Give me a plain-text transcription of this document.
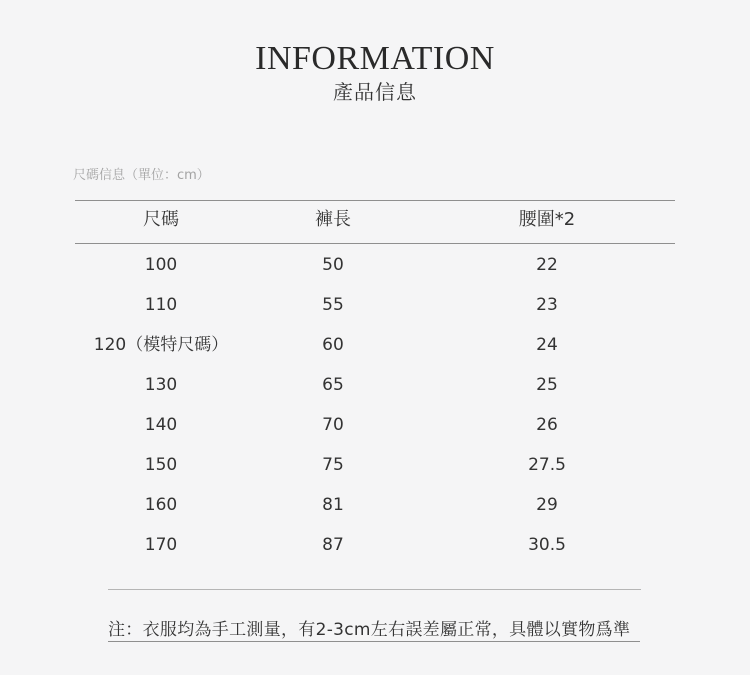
INFORMATION
產品信息
尺碼信息（單位：cm）
尺碼	褲長	腰圍*2
100	50	22
110	55	23
120（模特尺碼）	60	24
130	65	25
140	70	26
150	75	27.5
160	81	29
170	87	30.5
注：衣服均為手工測量，有2-3cm左右誤差屬正常，具體以實物爲準
